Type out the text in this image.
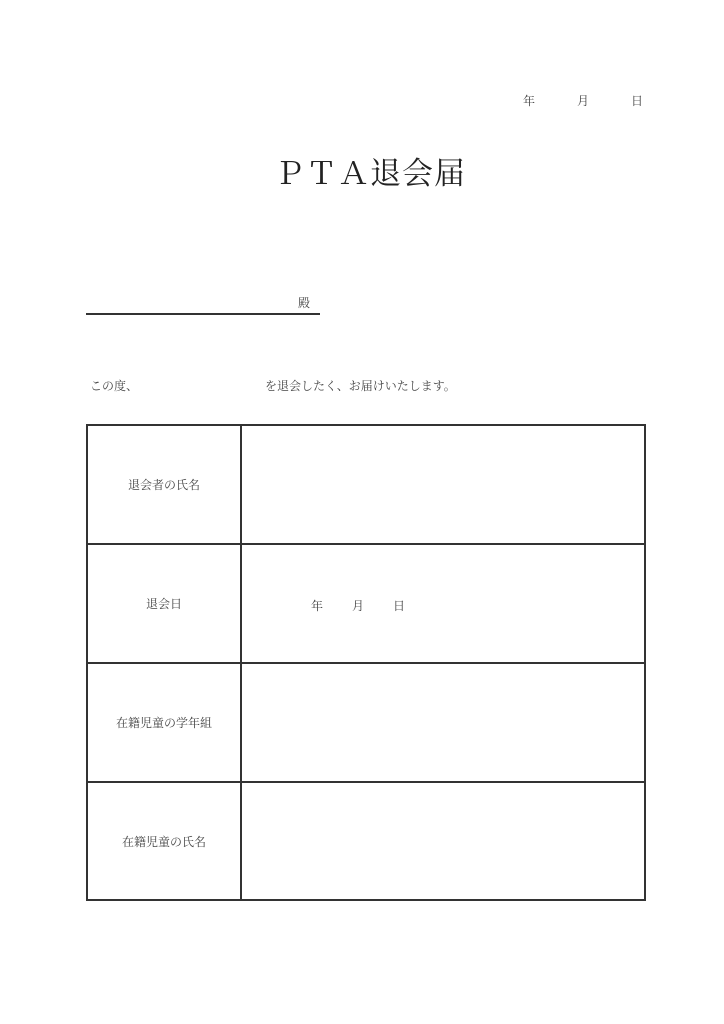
年	月	日
ＰＴＡ退会届
殿
この度、	を退会したく、お届けいたします。
退会者の氏名
退会日	年 月 日
在籍児童の学年組
在籍児童の氏名
